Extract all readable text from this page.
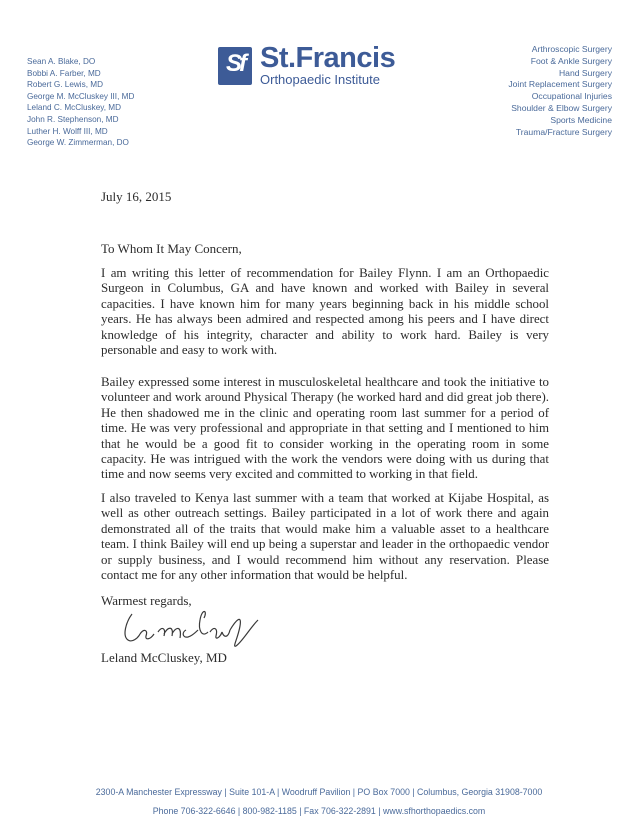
Sean A. Blake, DO
Bobbi A. Farber, MD
Robert G. Lewis, MD
George M. McCluskey III, MD
Leland C. McCluskey, MD
John R. Stephenson, MD
Luther H. Wolff III, MD
George W. Zimmerman, DO
Sf St.Francis
Orthopaedic Institute
Arthroscopic Surgery
Foot & Ankle Surgery
Hand Surgery
Joint Replacement Surgery
Occupational Injuries
Shoulder & Elbow Surgery
Sports Medicine
Trauma/Fracture Surgery
July 16, 2015
To Whom It May Concern,
I am writing this letter of recommendation for Bailey Flynn. I am an Orthopaedic Surgeon in Columbus, GA and have known and worked with Bailey in several capacities. I have known him for many years beginning back in his middle school years. He has always been admired and respected among his peers and I have direct knowledge of his integrity, character and ability to work hard. Bailey is very personable and easy to work with.
Bailey expressed some interest in musculoskeletal healthcare and took the initiative to volunteer and work around Physical Therapy (he worked hard and did great job there). He then shadowed me in the clinic and operating room last summer for a period of time. He was very professional and appropriate in that setting and I mentioned to him that he would be a good fit to consider working in the operating room in some capacity. He was intrigued with the work the vendors were doing with us during that time and now seems very excited and committed to working in that field.
I also traveled to Kenya last summer with a team that worked at Kijabe Hospital, as well as other outreach settings. Bailey participated in a lot of work there and again demonstrated all of the traits that would make him a valuable asset to a healthcare team. I think Bailey will end up being a superstar and leader in the orthopaedic vendor or supply business, and I would recommend him without any reservation. Please contact me for any other information that would be helpful.
Warmest regards,
Leland McCluskey, MD
2300-A Manchester Expressway | Suite 101-A | Woodruff Pavilion | PO Box 7000 | Columbus, Georgia 31908-7000
Phone 706-322-6646 | 800-982-1185 | Fax 706-322-2891 | www.sfhorthopaedics.com
